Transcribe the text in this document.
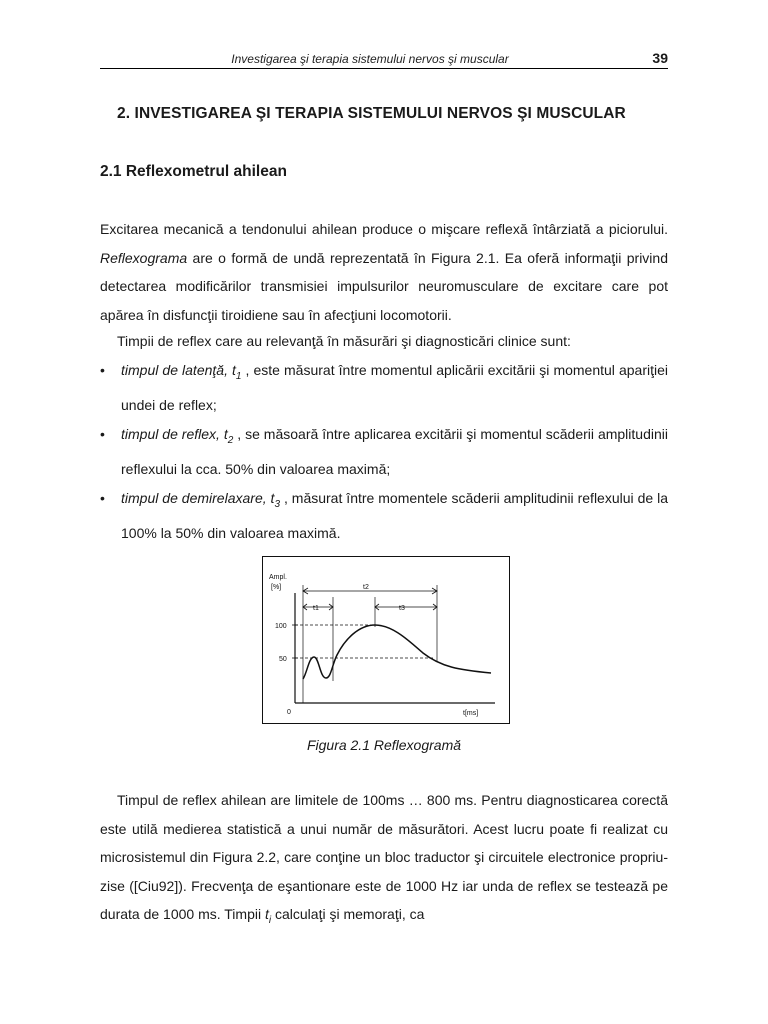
Investigarea şi terapia sistemului nervos şi muscular	39
2. INVESTIGAREA ŞI TERAPIA SISTEMULUI NERVOS ŞI MUSCULAR
2.1 Reflexometrul ahilean
Excitarea mecanică a tendonului ahilean produce o mişcare reflexă întârziată a piciorului. Reflexograma are o formă de undă reprezentată în Figura 2.1. Ea oferă informaţii privind detectarea modificărilor transmisiei impulsurilor neuromusculare de excitare care pot apărea în disfuncţii tiroidiene sau în afecţiuni locomotorii.
Timpii de reflex care au relevanţă în măsurări şi diagnosticări clinice sunt:
• timpul de latenţă, $t_1$ , este măsurat între momentul aplicării excitării şi momentul apariţiei undei de reflex;
• timpul de reflex, $t_2$ , se măsoară între aplicarea excitării şi momentul scăderii amplitudinii reflexului la cca. 50% din valoarea maximă;
• timpul de demirelaxare, $t_3$ , măsurat între momentele scăderii amplitudinii reflexului de la 100% la 50% din valoarea maximă.
Ampl.
[%]
t[ms]
0
100
50
t2
t1	t3
Figura 2.1 Reflexogramă
Timpul de reflex ahilean are limitele de 100ms … 800 ms. Pentru diagnosticarea corectă este utilă medierea statistică a unui număr de măsurători. Acest lucru poate fi realizat cu microsistemul din Figura 2.2, care conţine un bloc traductor şi circuitele electronice propriu-zise ([Ciu92]). Frecvenţa de eşantionare este de 1000 Hz iar unda de reflex se testează pe durata de 1000 ms. Timpii $t_i$ calculaţi şi memoraţi, ca
